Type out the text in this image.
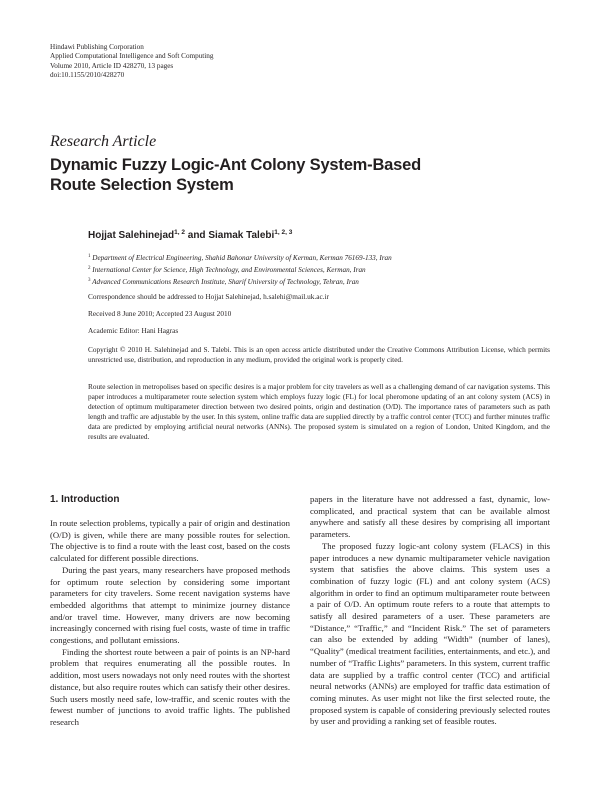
Hindawi Publishing Corporation
Applied Computational Intelligence and Soft Computing
Volume 2010, Article ID 428270, 13 pages
doi:10.1155/2010/428270
Research Article
Dynamic Fuzzy Logic-Ant Colony System-Based
Route Selection System
Hojjat Salehinejad$^{1, 2}$ and Siamak Talebi$^{1, 2, 3}$
$^1$ Department of Electrical Engineering, Shahid Bahonar University of Kerman, Kerman 76169-133, Iran
$^2$ International Center for Science, High Technology, and Environmental Sciences, Kerman, Iran
$^3$ Advanced Communications Research Institute, Sharif University of Technology, Tehran, Iran
Correspondence should be addressed to Hojjat Salehinejad, h.salehi@mail.uk.ac.ir
Received 8 June 2010; Accepted 23 August 2010
Academic Editor: Hani Hagras
Copyright © 2010 H. Salehinejad and S. Talebi. This is an open access article distributed under the Creative Commons Attribution License, which permits unrestricted use, distribution, and reproduction in any medium, provided the original work is properly cited.
Route selection in metropolises based on specific desires is a major problem for city travelers as well as a challenging demand of car navigation systems. This paper introduces a multiparameter route selection system which employs fuzzy logic (FL) for local pheromone updating of an ant colony system (ACS) in detection of optimum multiparameter direction between two desired points, origin and destination (O/D). The importance rates of parameters such as path length and traffic are adjustable by the user. In this system, online traffic data are supplied directly by a traffic control center (TCC) and further minutes traffic data are predicted by employing artificial neural networks (ANNs). The proposed system is simulated on a region of London, United Kingdom, and the results are evaluated.
1. Introduction

In route selection problems, typically a pair of origin and destination (O/D) is given, while there are many possible routes for selection. The objective is to find a route with the least cost, based on the costs calculated for different possible directions.

During the past years, many researchers have proposed methods for optimum route selection by considering some important parameters for city travelers. Some recent navigation systems have embedded algorithms that attempt to minimize journey distance and/or travel time. However, many drivers are now becoming increasingly concerned with rising fuel costs, waste of time in traffic congestions, and pollutant emissions.

Finding the shortest route between a pair of points is an NP-hard problem that requires enumerating all the possible routes. In addition, most users nowadays not only need routes with the shortest distance, but also require routes which can satisfy their other desires. Such users mostly need safe, low-traffic, and scenic routes with the fewest number of junctions to avoid traffic lights. The published research

papers in the literature have not addressed a fast, dynamic, low-complicated, and practical system that can be available almost anywhere and satisfy all these desires by comprising all important parameters.

The proposed fuzzy logic-ant colony system (FLACS) in this paper introduces a new dynamic multiparameter vehicle navigation system that satisfies the above claims. This system uses a combination of fuzzy logic (FL) and ant colony system (ACS) algorithm in order to find an optimum multiparameter route between a pair of O/D. An optimum route refers to a route that attempts to satisfy all desired parameters of a user. These parameters are “Distance,” “Traffic,” and “Incident Risk.” The set of parameters can also be extended by adding “Width” (number of lanes), “Quality” (medical treatment facilities, entertainments, and etc.), and number of “Traffic Lights” parameters. In this system, current traffic data are supplied by a traffic control center (TCC) and artificial neural networks (ANNs) are employed for traffic data estimation of coming minutes. As user might not like the first selected route, the proposed system is capable of considering previously selected routes by user and providing a ranking set of feasible routes.
